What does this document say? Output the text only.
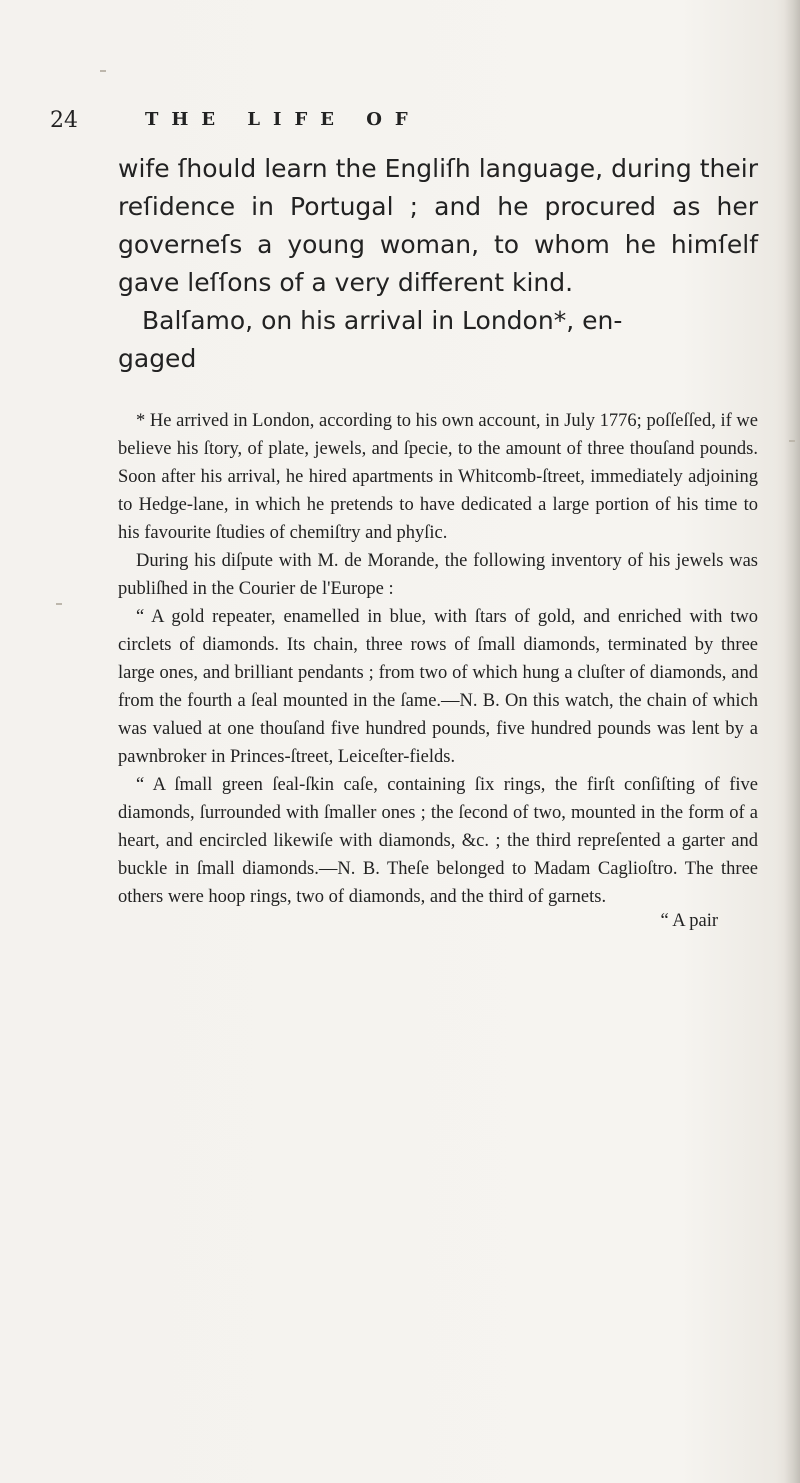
24	THE LIFE OF

wife ſhould learn the Engliſh language, during their reſidence in Portugal ; and he procured as her governeſs a young woman, to whom he himſelf gave leſſons of a very different kind.

Balſamo, on his arrival in London*, en-

gaged

* He arrived in London, according to his own account, in July 1776; poſſeſſed, if we believe his ſtory, of plate, jewels, and ſpecie, to the amount of three thouſand pounds. Soon after his arrival, he hired apartments in Whitcomb-ſtreet, immediately adjoining to Hedge-lane, in which he pretends to have dedicated a large portion of his time to his favourite ſtudies of chemiſtry and phyſic.

During his diſpute with M. de Morande, the following inventory of his jewels was publiſhed in the Courier de l'Europe :

“ A gold repeater, enamelled in blue, with ſtars of gold, and enriched with two circlets of diamonds. Its chain, three rows of ſmall diamonds, terminated by three large ones, and brilliant pendants ; from two of which hung a cluſter of diamonds, and from the fourth a ſeal mounted in the ſame.—N. B. On this watch, the chain of which was valued at one thouſand five hundred pounds, five hundred pounds was lent by a pawnbroker in Princes-ſtreet, Leiceſter-fields.

“ A ſmall green ſeal-ſkin caſe, containing ſix rings, the firſt conſiſting of five diamonds, ſurrounded with ſmaller ones ; the ſecond of two, mounted in the form of a heart, and encircled likewiſe with diamonds, &c. ; the third repreſented a garter and buckle in ſmall diamonds.—N. B. Theſe belonged to Madam Caglioſtro. The three others were hoop rings, two of diamonds, and the third of garnets.

“ A pair
